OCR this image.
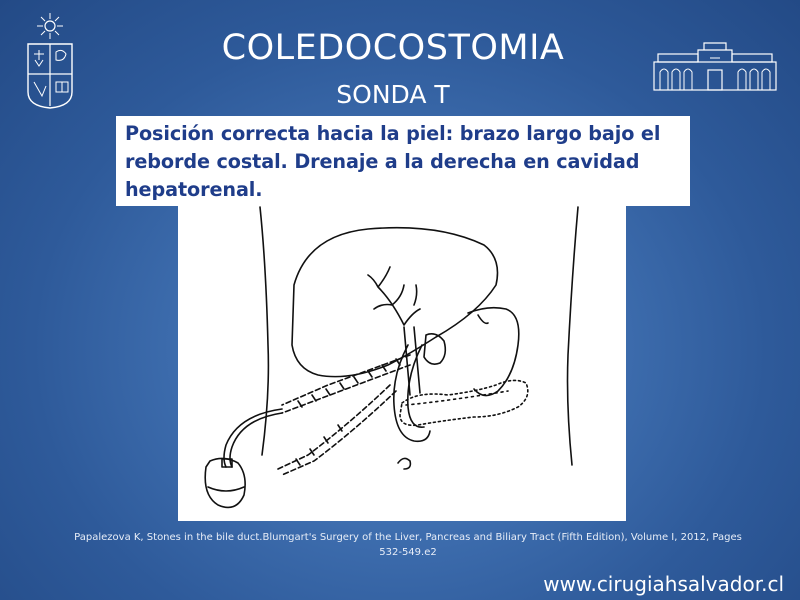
COLEDOCOSTOMIA
SONDA T

Posición correcta hacia la piel: brazo largo bajo el reborde costal. Drenaje a la derecha en cavidad hepatorenal.

Papalezova K, Stones in the bile duct.Blumgart's Surgery of the Liver, Pancreas and Biliary Tract (Fifth Edition), Volume I, 2012, Pages 532-549.e2
www.cirugiahsalvador.cl
